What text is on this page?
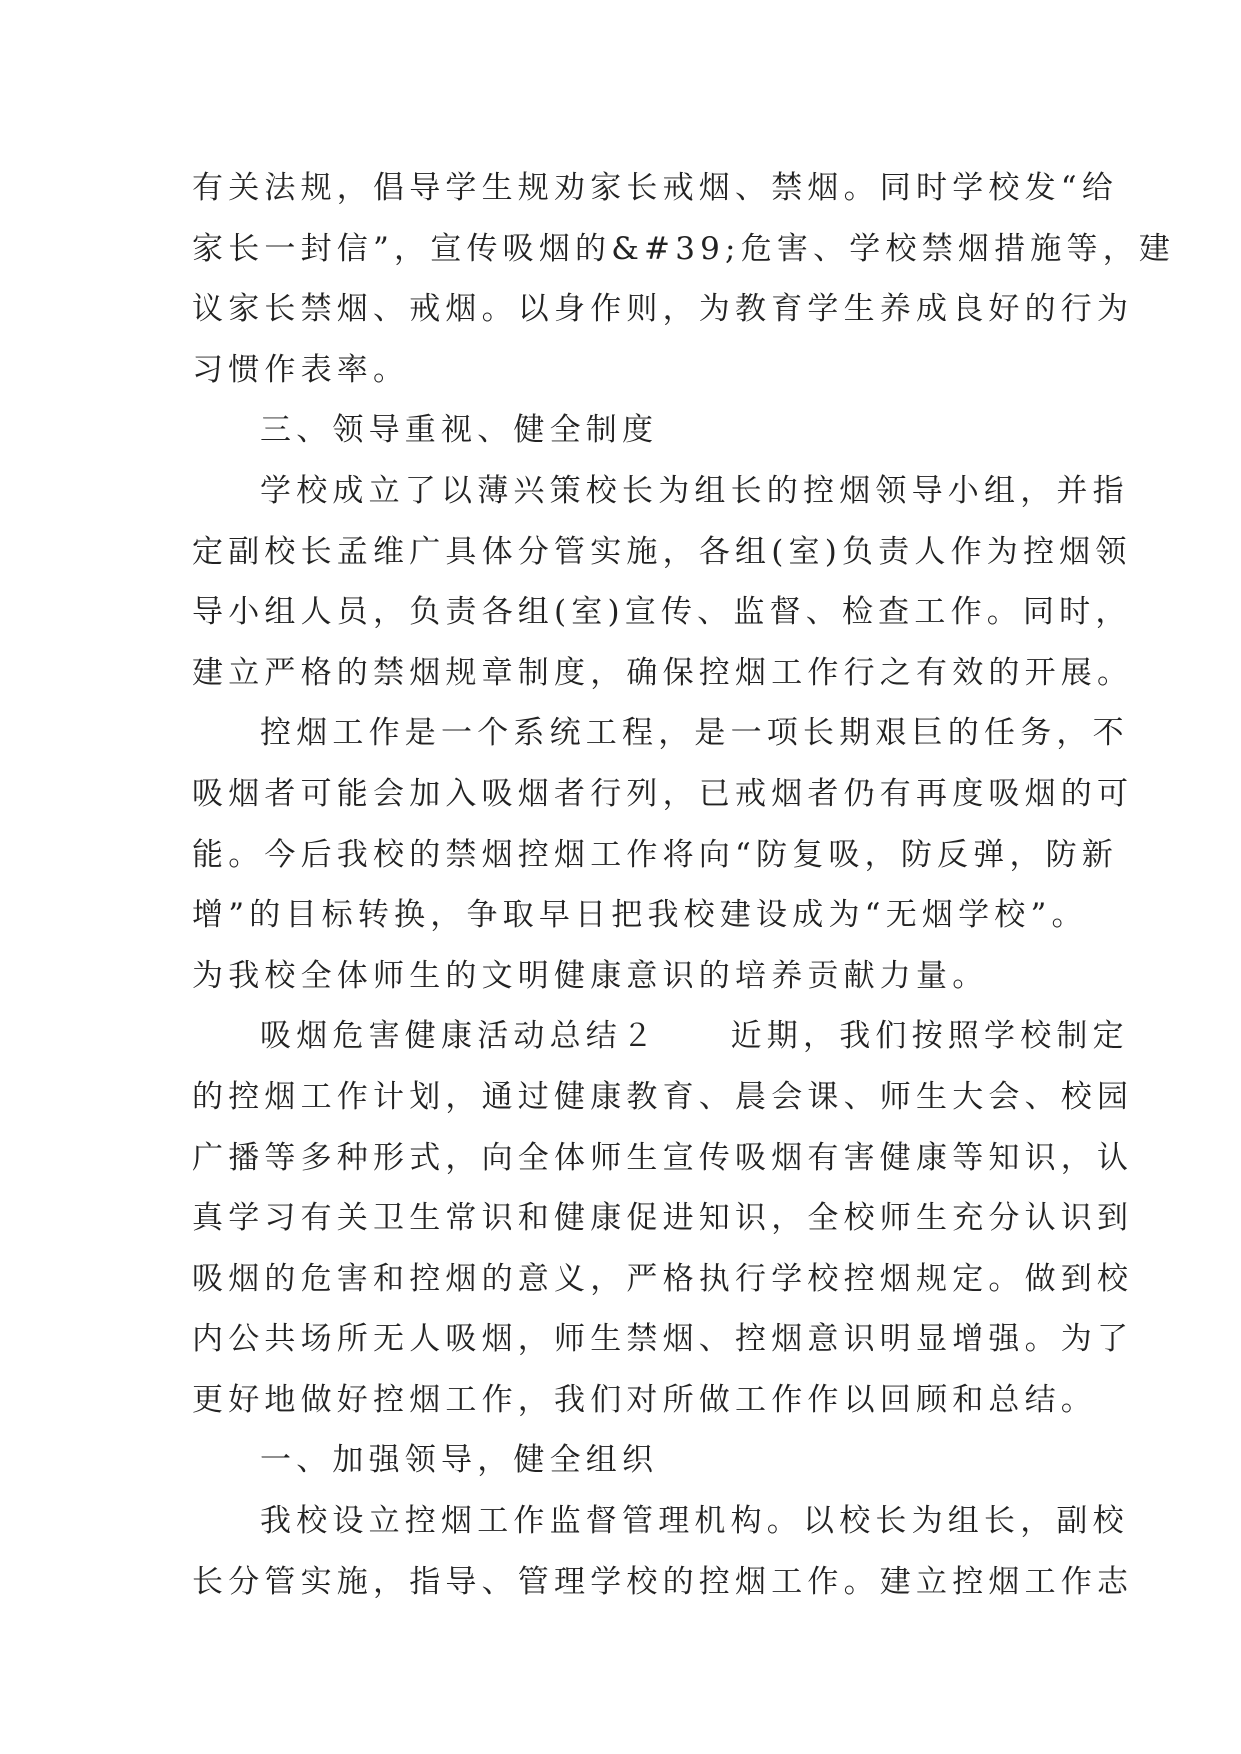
有关法规，倡导学生规劝家长戒烟、禁烟。同时学校发“给
家长一封信”，宣传吸烟的&#39;危害、学校禁烟措施等，建
议家长禁烟、戒烟。以身作则，为教育学生养成良好的行为
习惯作表率。
三、领导重视、健全制度
学校成立了以薄兴策校长为组长的控烟领导小组，并指
定副校长孟维广具体分管实施，各组(室)负责人作为控烟领
导小组人员，负责各组(室)宣传、监督、检查工作。同时，
建立严格的禁烟规章制度，确保控烟工作行之有效的开展。
控烟工作是一个系统工程，是一项长期艰巨的任务，不
吸烟者可能会加入吸烟者行列，已戒烟者仍有再度吸烟的可
能。今后我校的禁烟控烟工作将向“防复吸，防反弹，防新
增”的目标转换，争取早日把我校建设成为“无烟学校”。
为我校全体师生的文明健康意识的培养贡献力量。
吸烟危害健康活动总结２　　近期，我们按照学校制定
的控烟工作计划，通过健康教育、晨会课、师生大会、校园
广播等多种形式，向全体师生宣传吸烟有害健康等知识，认
真学习有关卫生常识和健康促进知识，全校师生充分认识到
吸烟的危害和控烟的意义，严格执行学校控烟规定。做到校
内公共场所无人吸烟，师生禁烟、控烟意识明显增强。为了
更好地做好控烟工作，我们对所做工作作以回顾和总结。
一、加强领导，健全组织
我校设立控烟工作监督管理机构。以校长为组长，副校
长分管实施，指导、管理学校的控烟工作。建立控烟工作志
